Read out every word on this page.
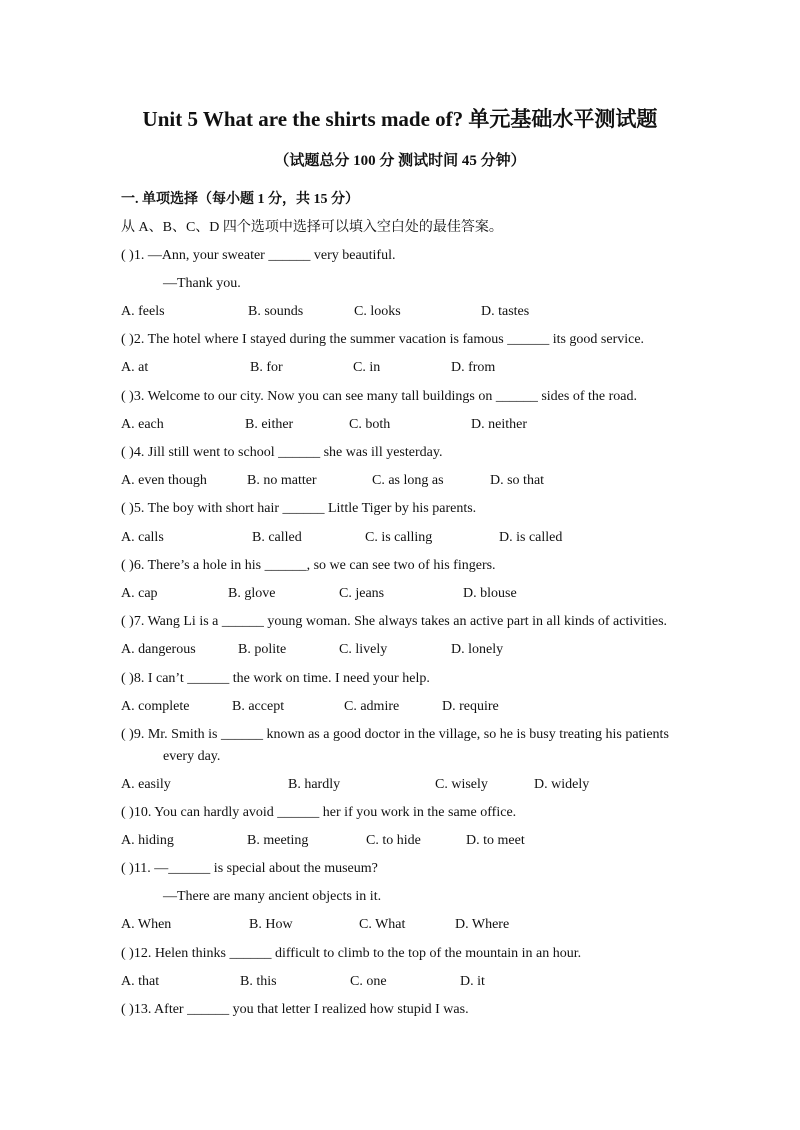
Unit 5 What are the shirts made of? 单元基础水平测试题
（试题总分 100 分 测试时间 45 分钟）
一. 单项选择（每小题 1 分，共 15 分）
从 A、B、C、D 四个选项中选择可以填入空白处的最佳答案。
( )1. —Ann, your sweater ______ very beautiful.
—Thank you.
A. feels	B. sounds	C. looks	D. tastes
( )2. The hotel where I stayed during the summer vacation is famous ______ its good service.
A. at	B. for	C. in	D. from
( )3. Welcome to our city. Now you can see many tall buildings on ______ sides of the road.
A. each	B. either	C. both	D. neither
( )4. Jill still went to school ______ she was ill yesterday.
A. even though	B. no matter	C. as long as	D. so that
( )5. The boy with short hair ______ Little Tiger by his parents.
A. calls	B. called	C. is calling	D. is called
( )6. There’s a hole in his ______, so we can see two of his fingers.
A. cap	B. glove	C. jeans	D. blouse
( )7. Wang Li is a ______ young woman. She always takes an active part in all kinds of activities.
A. dangerous	B. polite	C. lively	D. lonely
( )8. I can’t ______ the work on time. I need your help.
A. complete	B. accept	C. admire	D. require
( )9. Mr. Smith is ______ known as a good doctor in the village, so he is busy treating his patients
every day.
A. easily	B. hardly	C. wisely	D. widely
( )10. You can hardly avoid ______ her if you work in the same office.
A. hiding	B. meeting	C. to hide	D. to meet
( )11. —______ is special about the museum?
—There are many ancient objects in it.
A. When	B. How	C. What	D. Where
( )12. Helen thinks ______ difficult to climb to the top of the mountain in an hour.
A. that	B. this	C. one	D. it
( )13. After ______ you that letter I realized how stupid I was.
